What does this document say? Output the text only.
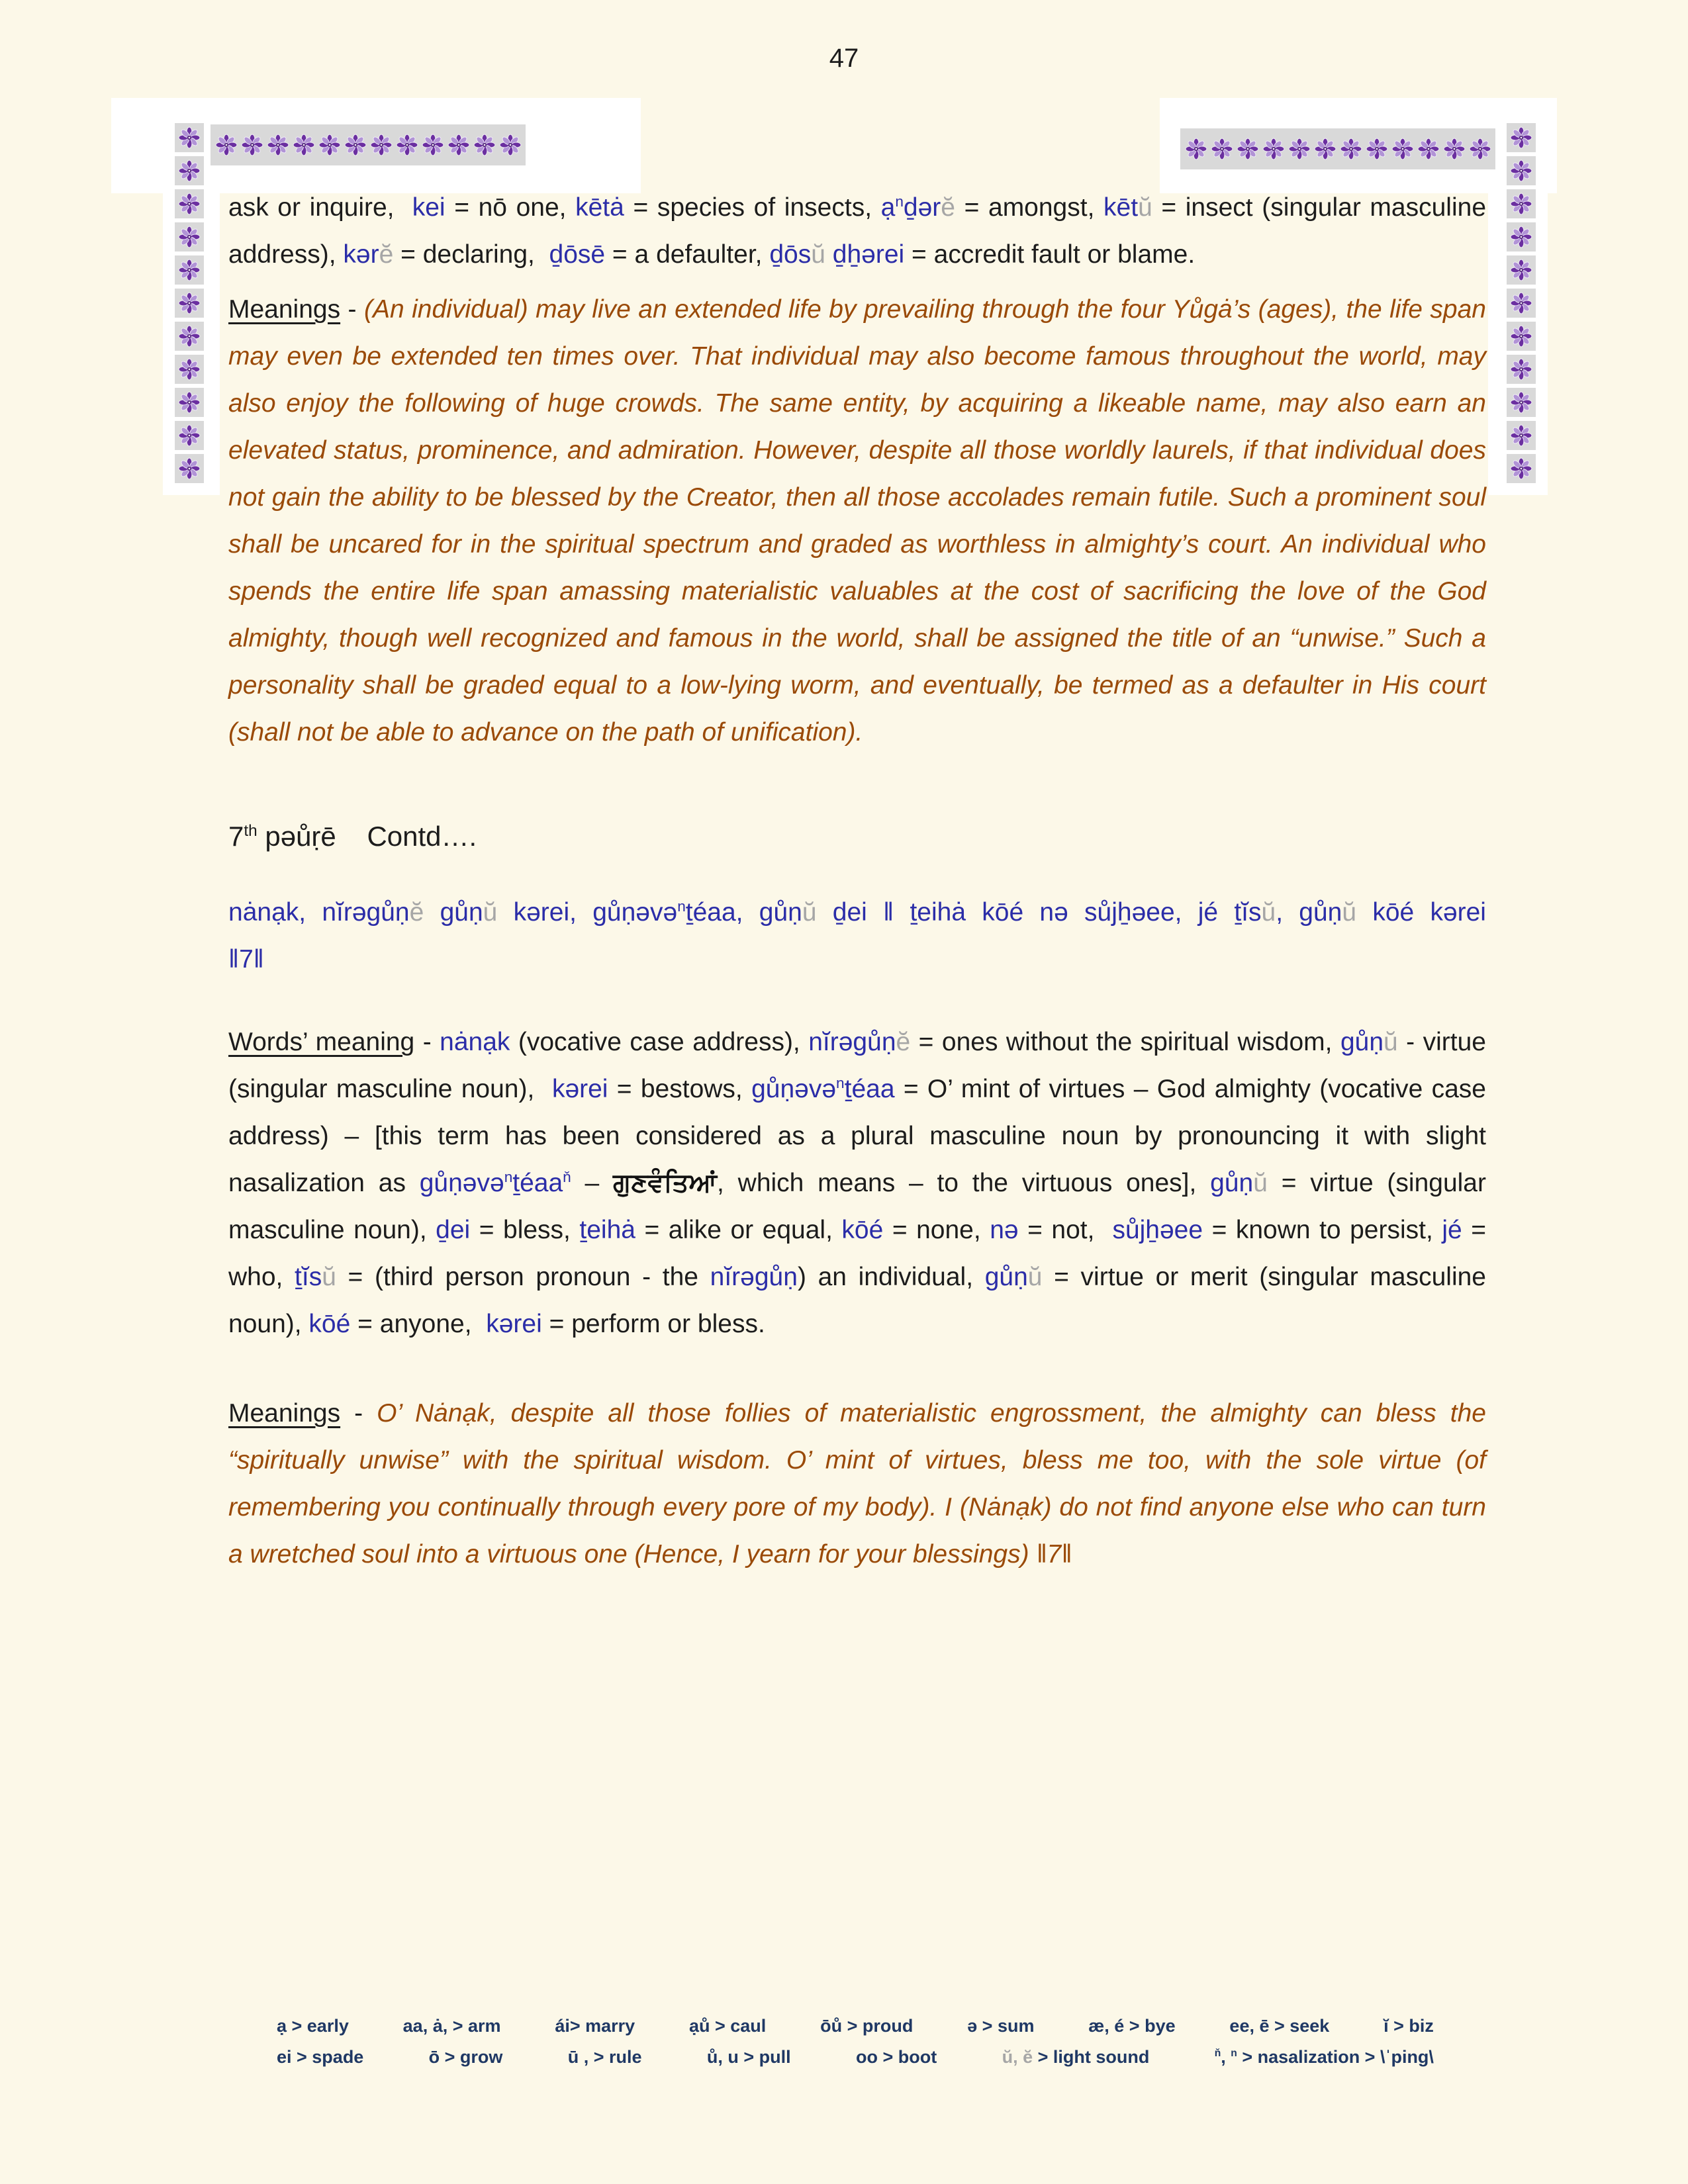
47

ask or inquire,  kei = nō one, kētȧ = species of insects, ạ$^n$ḏərĕ = amongst, kētŭ = insect (singular masculine address), kərĕ = declaring,  ḏōsē = a defaulter, ḏōsŭ ḏẖərei = accredit fault or blame.

Meanings - (An individual) may live an extended life by prevailing through the four Yůgȧ’s (ages), the life span may even be extended ten times over. That individual may also become famous throughout the world, may also enjoy the following of huge crowds. The same entity, by acquiring a likeable name, may also earn an elevated status, prominence, and admiration. However, despite all those worldly laurels, if that individual does not gain the ability to be blessed by the Creator, then all those accolades remain futile. Such a prominent soul shall be uncared for in the spiritual spectrum and graded as worthless in almighty’s court. An individual who spends the entire life span amassing materialistic valuables at the cost of sacrificing the love of the God almighty, though well recognized and famous in the world, shall be assigned the title of an “unwise.” Such a personality shall be graded equal to a low-lying worm, and eventually, be termed as a defaulter in His court (shall not be able to advance on the path of unification).

7th pəůṛē    Contd….

nȧnạk, nĭrəgůṇĕ gůṇŭ kərei, gůṇəvə$^n$ṯéaa, gůṇŭ ḏei ‖ ṯeihȧ kōé nə sůjẖəee, jé ṯĭsŭ, gůṇŭ kōé kərei ‖7‖

Words’ meaning - nȧnạk (vocative case address), nĭrəgůṇĕ = ones without the spiritual wisdom, gůṇŭ - virtue (singular masculine noun),  kərei = bestows, gůṇəvə$^n$ṯéaa = O’ mint of virtues – God almighty (vocative case address) – [this term has been considered as a plural masculine noun by pronouncing it with slight nasalization as gůṇəvə$^n$ṯéaa$^ň$ – ਗੁਣਵੰਤਿਆਂ, which means – to the virtuous ones], gůṇŭ = virtue (singular masculine noun), ḏei = bless, ṯeihȧ = alike or equal, kōé = none, nə = not,  sůjẖəee = known to persist, jé = who, ṯĭsŭ = (third person pronoun - the nĭrəgůṇ) an individual, gůṇŭ = virtue or merit (singular masculine noun), kōé = anyone,  kərei = perform or bless.

Meanings - O’ Nȧnạk, despite all those follies of materialistic engrossment, the almighty can bless the “spiritually unwise” with the spiritual wisdom. O’ mint of virtues, bless me too, with the sole virtue (of remembering you continually through every pore of my body). I (Nȧnạk) do not find anyone else who can turn a wretched soul into a virtuous one (Hence, I yearn for your blessings) ‖7‖

ạ > early	aa, ȧ, > arm	ái> marry	ạů > caul	ōů > proud	ə > sum	æ, é > bye	ee, ē > seek	ĭ > biz
ei > spade	ō > grow	ū , > rule	ů, u > pull	oo > boot	ŭ, ĕ > light sound	$^ň$, $^n$ > nasalization > \ˈping\
